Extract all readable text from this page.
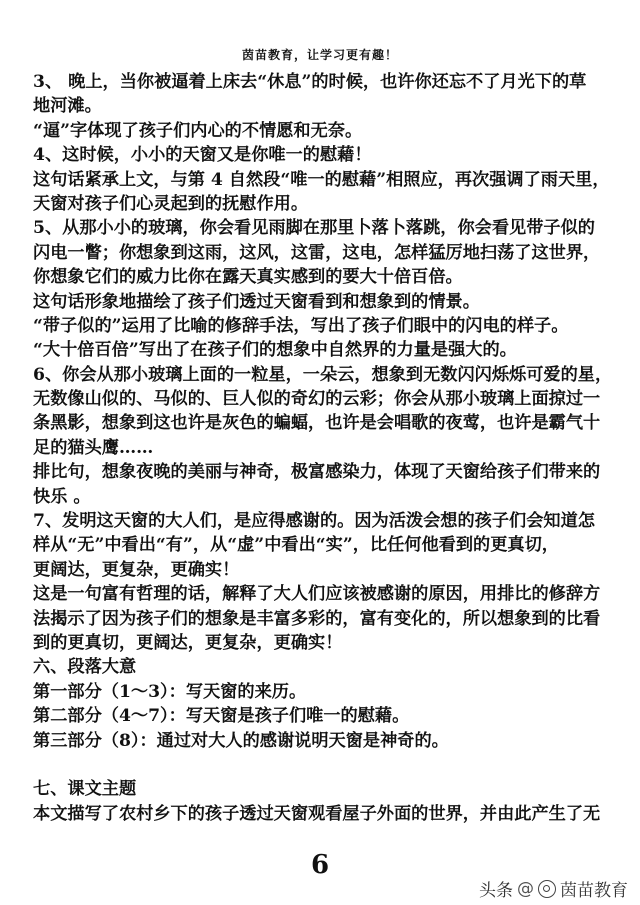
茵苗教育，让学习更有趣！
3、 晚上，当你被逼着上床去“休息”的时候，也许你还忘不了月光下的草
地河滩。
“逼”字体现了孩子们内心的不情愿和无奈。
4、这时候，小小的天窗又是你唯一的慰藉！
这句话紧承上文，与第 4 自然段“唯一的慰藉”相照应，再次强调了雨天里，
天窗对孩子们心灵起到的抚慰作用。
5、从那小小的玻璃，你会看见雨脚在那里卜落卜落跳，你会看见带子似的
闪电一瞥；你想象到这雨，这风，这雷，这电，怎样猛厉地扫荡了这世界，
你想象它们的威力比你在露天真实感到的要大十倍百倍。
这句话形象地描绘了孩子们透过天窗看到和想象到的情景。
“带子似的”运用了比喻的修辞手法，写出了孩子们眼中的闪电的样子。
“大十倍百倍”写出了在孩子们的想象中自然界的力量是强大的。
6、你会从那小玻璃上面的一粒星，一朵云，想象到无数闪闪烁烁可爱的星，
无数像山似的、马似的、巨人似的奇幻的云彩；你会从那小玻璃上面掠过一
条黑影，想象到这也许是灰色的蝙蝠，也许是会唱歌的夜莺，也许是霸气十
足的猫头鹰……
排比句，想象夜晚的美丽与神奇，极富感染力，体现了天窗给孩子们带来的
快乐 。
7、发明这天窗的大人们，是应得感谢的。因为活泼会想的孩子们会知道怎
样从“无”中看出“有”，从“虚”中看出“实”，比任何他看到的更真切，
更阔达，更复杂，更确实！
这是一句富有哲理的话，解释了大人们应该被感谢的原因，用排比的修辞方
法揭示了因为孩子们的想象是丰富多彩的，富有变化的，所以想象到的比看
到的更真切，更阔达，更复杂，更确实！
六、段落大意
第一部分（1～3）：写天窗的来历。
第二部分（4～7）：写天窗是孩子们唯一的慰藉。
第三部分（8）：通过对大人的感谢说明天窗是神奇的。
七、课文主题
本文描写了农村乡下的孩子透过天窗观看屋子外面的世界，并由此产生了无
6
头条 @ 茵苗教育
